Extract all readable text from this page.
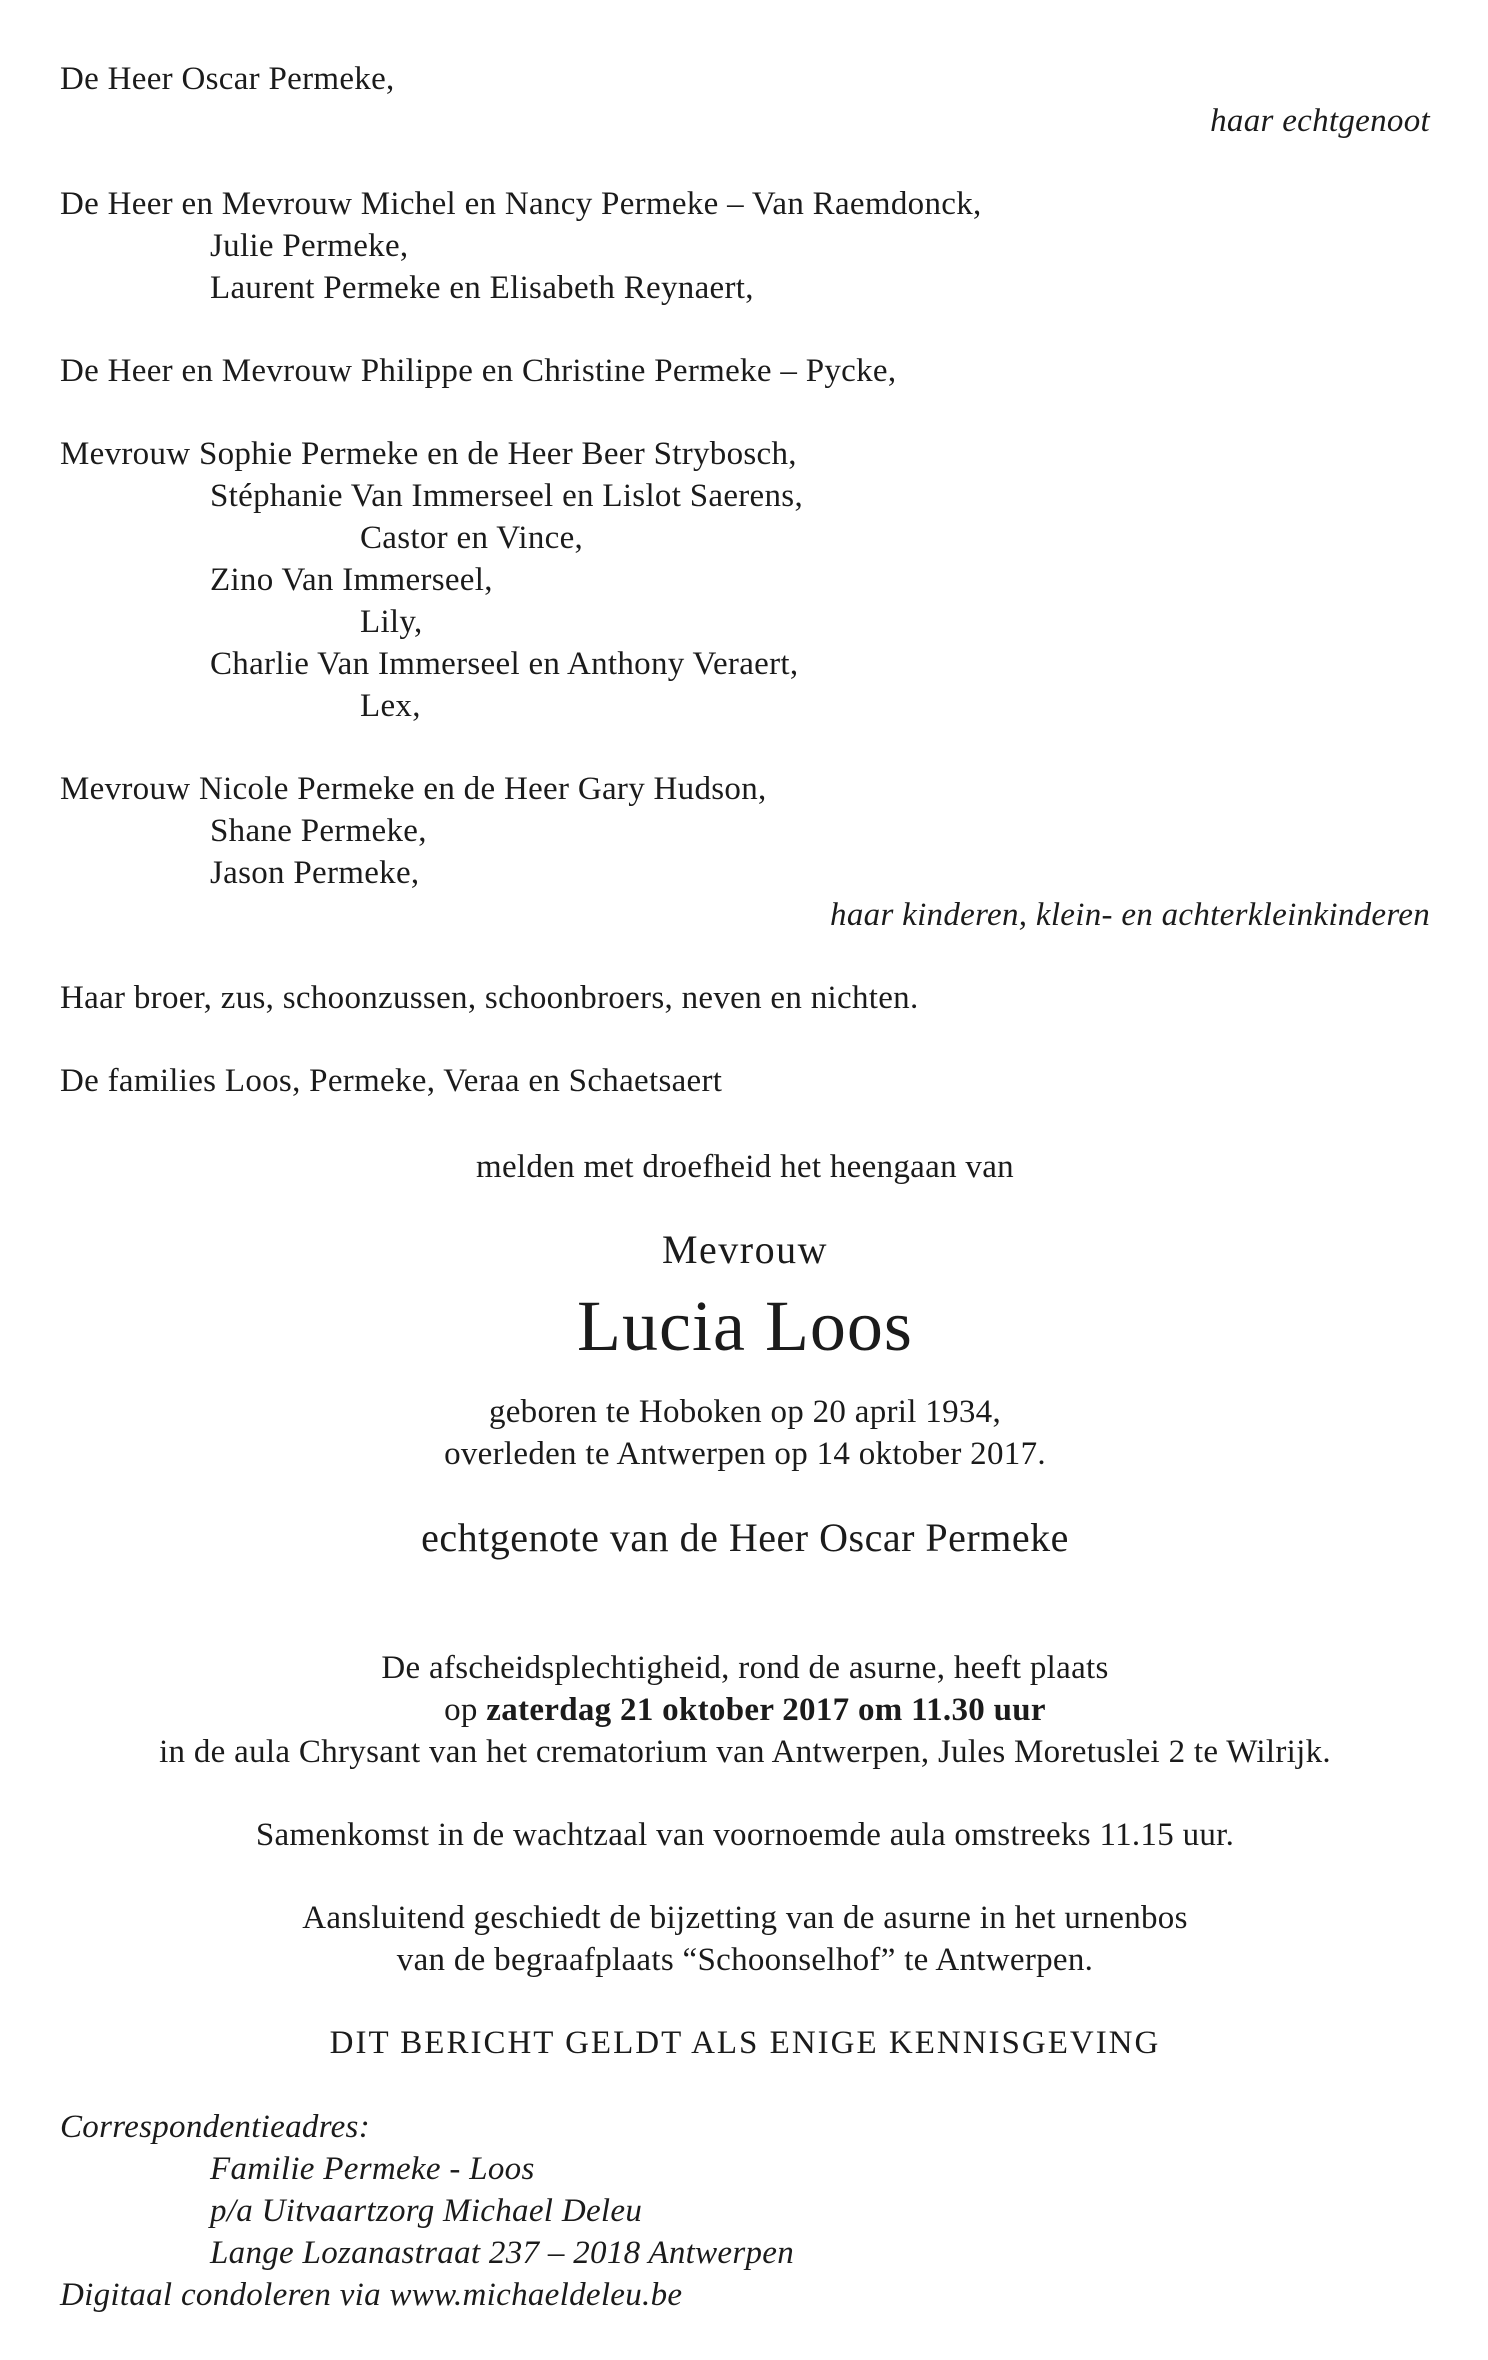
De Heer Oscar Permeke,

haar echtgenoot

De Heer en Mevrouw Michel en Nancy Permeke – Van Raemdonck,

Julie Permeke,

Laurent Permeke en Elisabeth Reynaert,

De Heer en Mevrouw Philippe en Christine Permeke – Pycke,

Mevrouw Sophie Permeke en de Heer Beer Strybosch,

Stéphanie Van Immerseel en Lislot Saerens,

Castor en Vince,

Zino Van Immerseel,

Lily,

Charlie Van Immerseel en Anthony Veraert,

Lex,

Mevrouw Nicole Permeke en de Heer Gary Hudson,

Shane Permeke,

Jason Permeke,

haar kinderen, klein- en achterkleinkinderen

Haar broer, zus, schoonzussen, schoonbroers, neven en nichten.

De families Loos, Permeke, Veraa en Schaetsaert

melden met droefheid het heengaan van

Mevrouw

Lucia Loos

geboren te Hoboken op 20 april 1934,

overleden te Antwerpen op 14 oktober 2017.

echtgenote van de Heer Oscar Permeke

De afscheidsplechtigheid, rond de asurne, heeft plaats

op zaterdag 21 oktober 2017 om 11.30 uur

in de aula Chrysant van het crematorium van Antwerpen, Jules Moretuslei 2 te Wilrijk.

Samenkomst in de wachtzaal van voornoemde aula omstreeks 11.15 uur.

Aansluitend geschiedt de bijzetting van de asurne in het urnenbos

van de begraafplaats “Schoonselhof” te Antwerpen.

DIT BERICHT GELDT ALS ENIGE KENNISGEVING

Correspondentieadres:

Familie Permeke - Loos

p/a Uitvaartzorg Michael Deleu

Lange Lozanastraat 237 – 2018 Antwerpen

Digitaal condoleren via www.michaeldeleu.be
